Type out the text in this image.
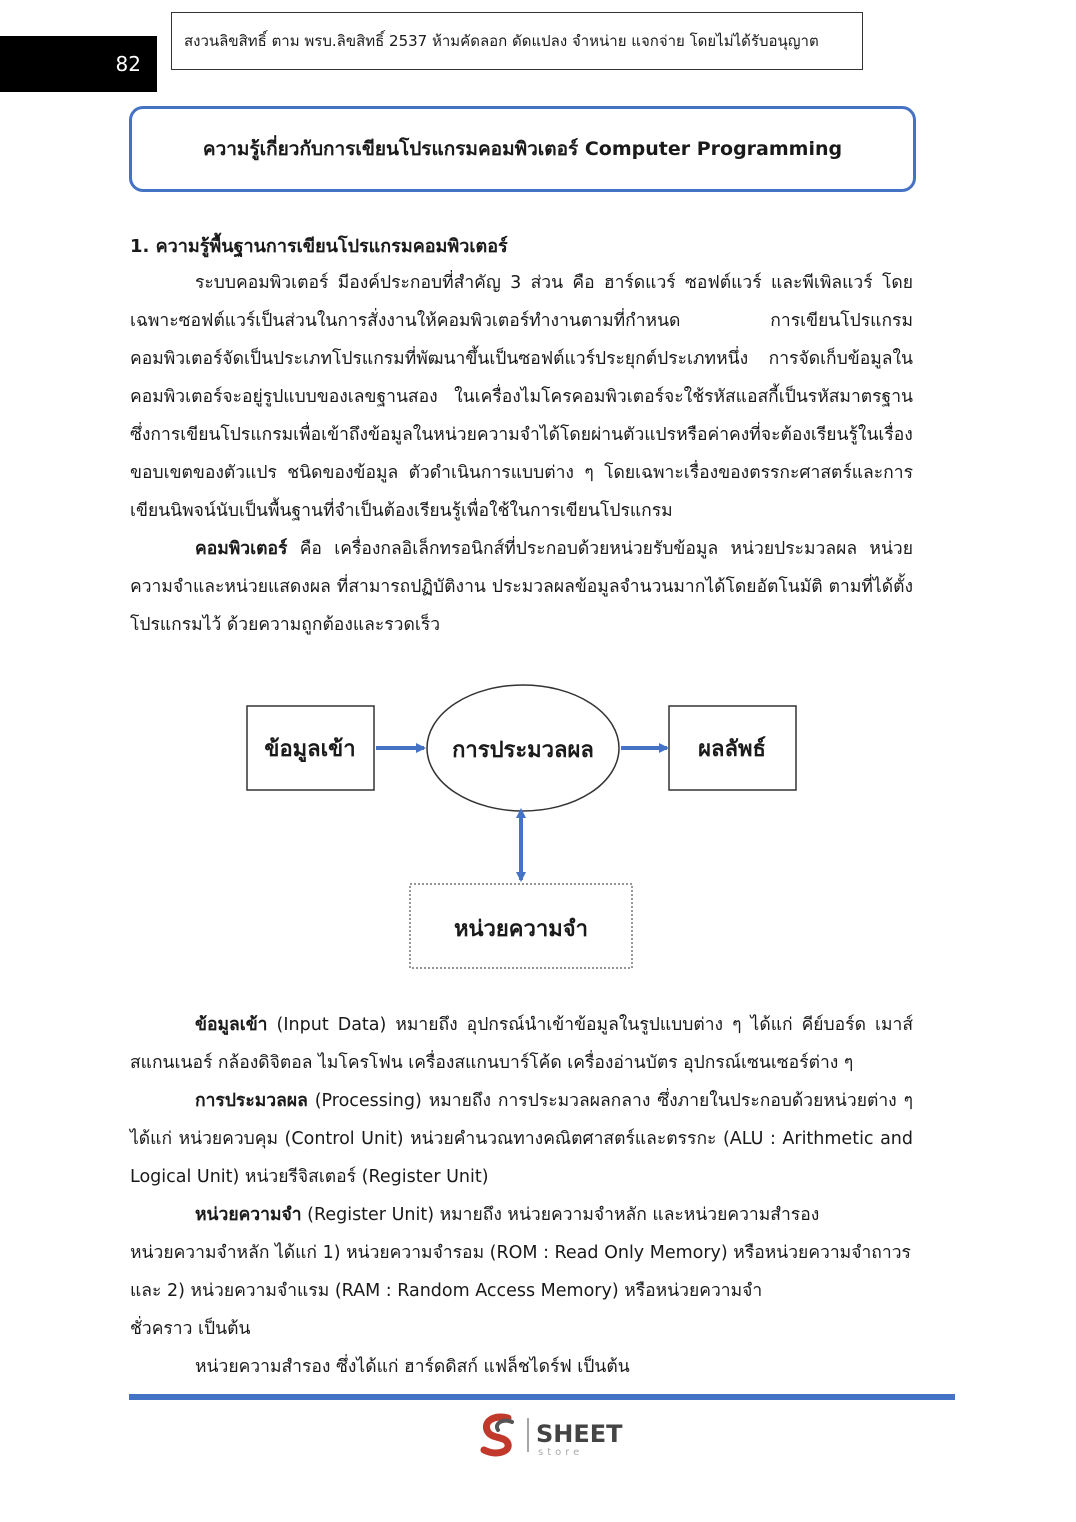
82
สงวนลิขสิทธิ์ ตาม พรบ.ลิขสิทธิ์ 2537 ห้ามคัดลอก ดัดแปลง จำหน่าย แจกจ่าย โดยไม่ได้รับอนุญาต
ความรู้เกี่ยวกับการเขียนโปรแกรมคอมพิวเตอร์ Computer Programming
1. ความรู้พื้นฐานการเขียนโปรแกรมคอมพิวเตอร์
ระบบคอมพิวเตอร์ มีองค์ประกอบที่สำคัญ 3 ส่วน คือ ฮาร์ดแวร์ ซอฟต์แวร์ และพีเพิลแวร์ โดยเฉพาะซอฟต์แวร์เป็นส่วนในการสั่งงานให้คอมพิวเตอร์ทำงานตามที่กำหนด การเขียนโปรแกรมคอมพิวเตอร์จัดเป็นประเภทโปรแกรมที่พัฒนาขึ้นเป็นซอฟต์แวร์ประยุกต์ประเภทหนึ่ง การจัดเก็บข้อมูลในคอมพิวเตอร์จะอยู่รูปแบบของเลขฐานสอง ในเครื่องไมโครคอมพิวเตอร์จะใช้รหัสแอสกี้เป็นรหัสมาตรฐาน ซึ่งการเขียนโปรแกรมเพื่อเข้าถึงข้อมูลในหน่วยความจำได้โดยผ่านตัวแปรหรือค่าคงที่จะต้องเรียนรู้ในเรื่องขอบเขตของตัวแปร ชนิดของข้อมูล ตัวดำเนินการแบบต่าง ๆ โดยเฉพาะเรื่องของตรรกะศาสตร์และการเขียนนิพจน์นับเป็นพื้นฐานที่จำเป็นต้องเรียนรู้เพื่อใช้ในการเขียนโปรแกรม
คอมพิวเตอร์ คือ เครื่องกลอิเล็กทรอนิกส์ที่ประกอบด้วยหน่วยรับข้อมูล หน่วยประมวลผล หน่วยความจำและหน่วยแสดงผล ที่สามารถปฏิบัติงาน ประมวลผลข้อมูลจำนวนมากได้โดยอัตโนมัติ ตามที่ได้ตั้งโปรแกรมไว้ ด้วยความถูกต้องและรวดเร็ว
ข้อมูลเข้า	การประมวลผล	ผลลัพธ์
หน่วยความจำ
ข้อมูลเข้า (Input Data) หมายถึง อุปกรณ์นำเข้าข้อมูลในรูปแบบต่าง ๆ ได้แก่ คีย์บอร์ด เมาส์ สแกนเนอร์ กล้องดิจิตอล ไมโครโฟน เครื่องสแกนบาร์โค้ด เครื่องอ่านบัตร อุปกรณ์เซนเซอร์ต่าง ๆ
การประมวลผล (Processing) หมายถึง การประมวลผลกลาง ซึ่งภายในประกอบด้วยหน่วยต่าง ๆ ได้แก่ หน่วยควบคุม (Control Unit) หน่วยคำนวณทางคณิตศาสตร์และตรรกะ (ALU : Arithmetic and Logical Unit) หน่วยรีจิสเตอร์ (Register Unit)
หน่วยความจำ (Register Unit) หมายถึง หน่วยความจำหลัก และหน่วยความสำรอง
หน่วยความจำหลัก ได้แก่ 1) หน่วยความจำรอม (ROM : Read Only Memory) หรือหน่วยความจำถาวร
และ 2) หน่วยความจำแรม (RAM : Random Access Memory) หรือหน่วยความจำ
ชั่วคราว เป็นต้น
หน่วยความสำรอง ซึ่งได้แก่ ฮาร์ดดิสก์ แฟล็ชไดร์ฟ เป็นต้น
SHEET
store
